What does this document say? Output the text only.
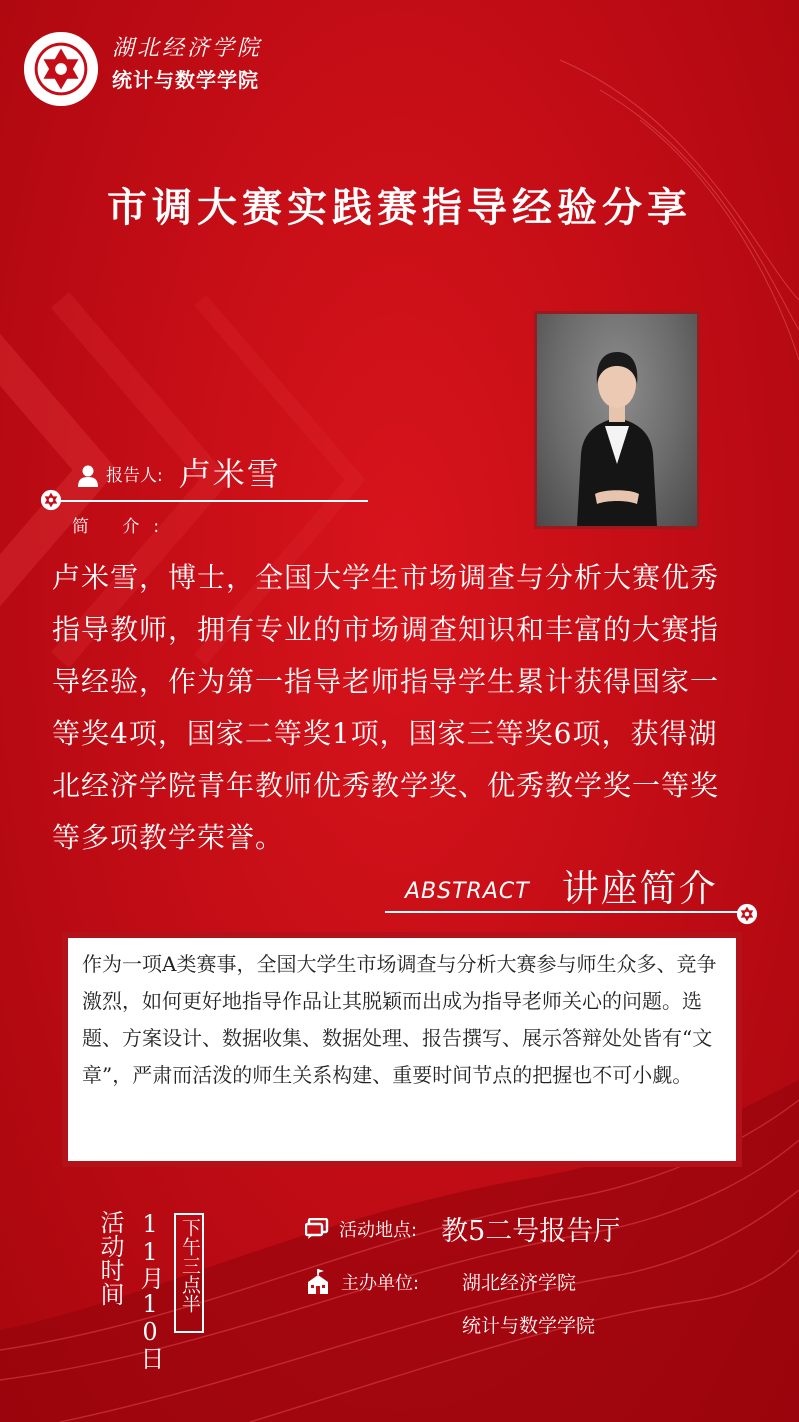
湖北经济学院
统计与数学学院
市调大赛实践赛指导经验分享
报告人: 卢米雪
简 介:
卢米雪，博士，全国大学生市场调查与分析大赛优秀指导教师，拥有专业的市场调查知识和丰富的大赛指导经验，作为第一指导老师指导学生累计获得国家一等奖4项，国家二等奖1项，国家三等奖6项，获得湖北经济学院青年教师优秀教学奖、优秀教学奖一等奖等多项教学荣誉。
ABSTRACT 讲座简介
作为一项A类赛事，全国大学生市场调查与分析大赛参与师生众多、竞争激烈，如何更好地指导作品让其脱颖而出成为指导老师关心的问题。选题、方案设计、数据收集、数据处理、报告撰写、展示答辩处处皆有“文章”，严肃而活泼的师生关系构建、重要时间节点的把握也不可小觑。
活动时间 11月10日 下午三点半	活动地点: 教5二号报告厅
主办单位: 湖北经济学院
统计与数学学院
